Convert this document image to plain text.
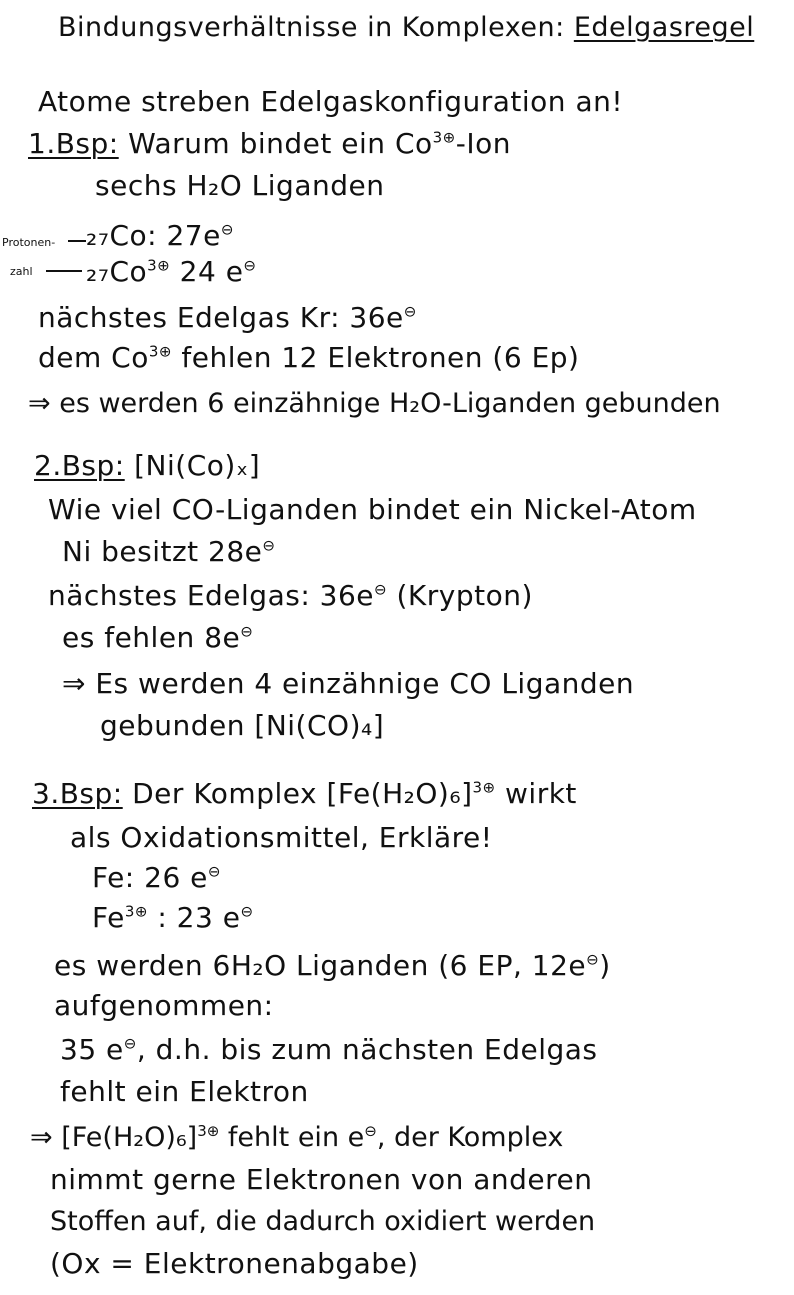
Bindungsverhältnisse in Komplexen: Edelgasregel
Atome streben Edelgaskonfiguration an!
1.Bsp: Warum bindet ein $Co^{3\oplus}$-Ion
sechs H₂O Liganden
Protonen-
zahl
₂₇Co: 27e⊖
$_{27}Co^{3\oplus}$ 24 e⊖
nächstes Edelgas Kr: 36e⊖
dem $Co^{3\oplus}$ fehlen 12 Elektronen (6 Ep)
⇒ es werden 6 einzähnige H₂O-Liganden gebunden
2.Bsp: [Ni(Co)ₓ]
Wie viel CO-Liganden bindet ein Nickel-Atom
Ni besitzt 28e⊖
nächstes Edelgas: 36e⊖ (Krypton)
es fehlen 8e⊖
⇒ Es werden 4 einzähnige CO Liganden
gebunden [Ni(CO)₄]
3.Bsp: Der Komplex $[Fe(H_2O)_6]^{3\oplus}$ wirkt
als Oxidationsmittel, Erkläre!
Fe: 26 e⊖
$Fe^{3\oplus}$ : 23 e⊖
es werden 6H₂O Liganden (6 EP, 12e⊖)
aufgenommen:
35 e⊖, d.h. bis zum nächsten Edelgas
fehlt ein Elektron
⇒ $[Fe(H_2O)_6]^{3\oplus}$ fehlt ein e⊖, der Komplex
nimmt gerne Elektronen von anderen
Stoffen auf, die dadurch oxidiert werden
(Ox = Elektronenabgabe)
